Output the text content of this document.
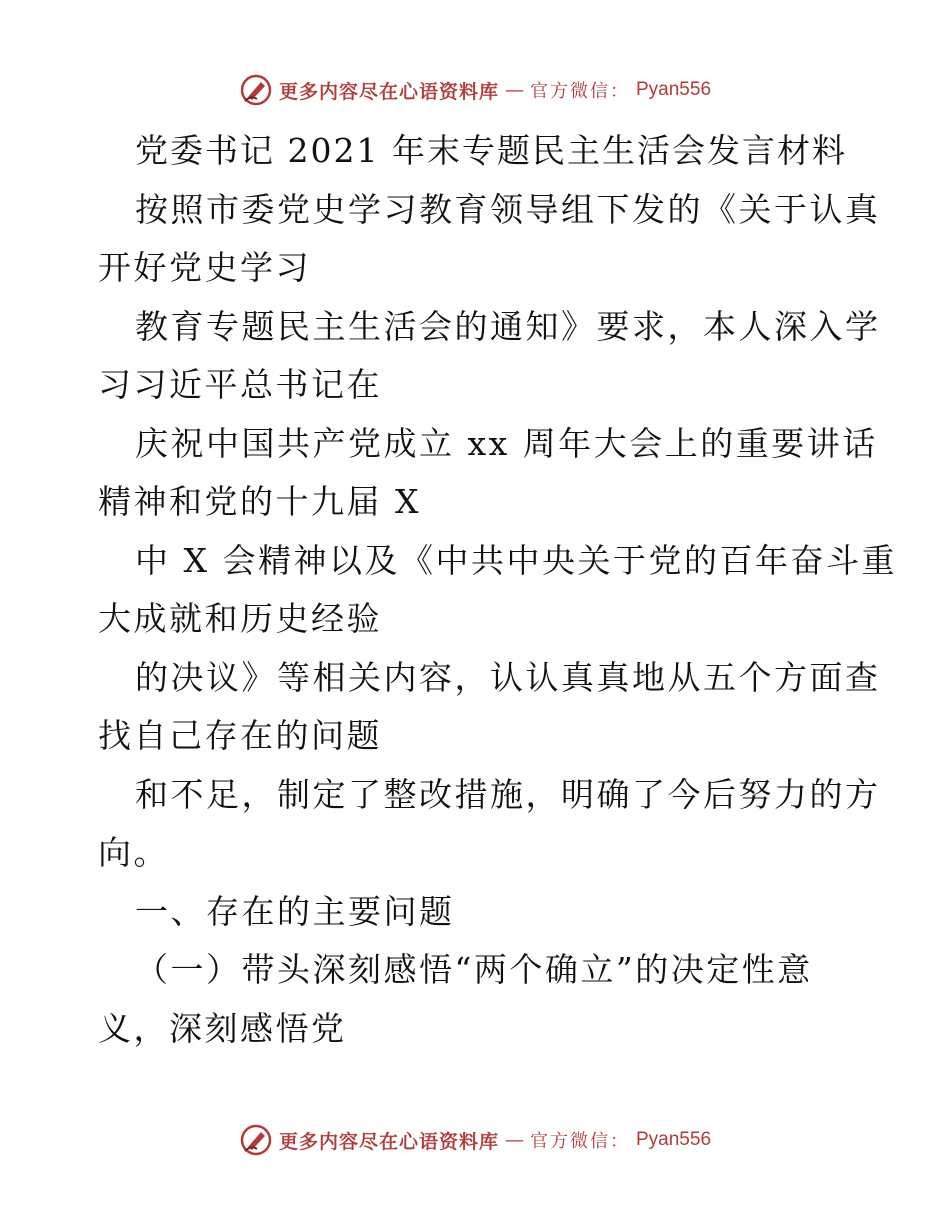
更多内容尽在心语资料库 — 官方微信： Pyan556
党委书记 2021 年末专题民主生活会发言材料
按照市委党史学习教育领导组下发的《关于认真
开好党史学习
教育专题民主生活会的通知》要求，本人深入学
习习近平总书记在
庆祝中国共产党成立 xx 周年大会上的重要讲话
精神和党的十九届 X
中 X 会精神以及《中共中央关于党的百年奋斗重
大成就和历史经验
的决议》等相关内容，认认真真地从五个方面查
找自己存在的问题
和不足，制定了整改措施，明确了今后努力的方
向。
一、存在的主要问题
（一）带头深刻感悟“两个确立”的决定性意
义，深刻感悟党
更多内容尽在心语资料库 — 官方微信： Pyan556
